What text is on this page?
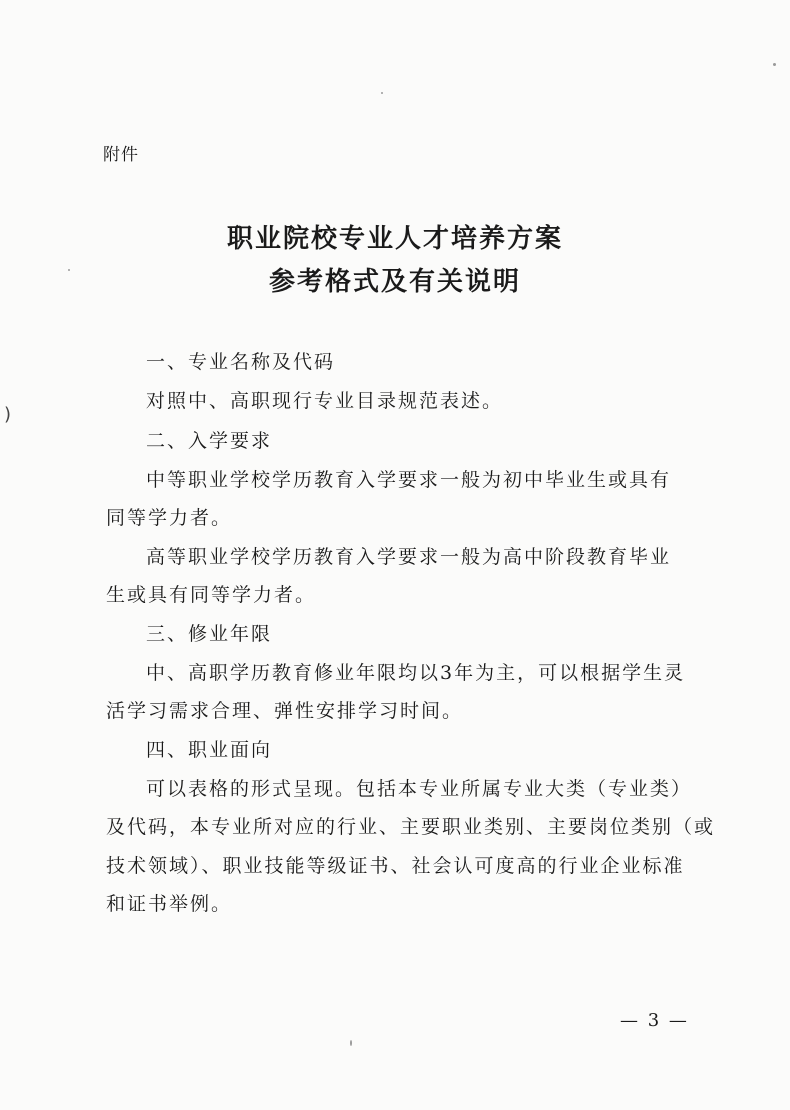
)
附件
职业院校专业人才培养方案
参考格式及有关说明
一、专业名称及代码
对照中、高职现行专业目录规范表述。
二、入学要求
中等职业学校学历教育入学要求一般为初中毕业生或具有
同等学力者。
高等职业学校学历教育入学要求一般为高中阶段教育毕业
生或具有同等学力者。
三、修业年限
中、高职学历教育修业年限均以3年为主，可以根据学生灵
活学习需求合理、弹性安排学习时间。
四、职业面向
可以表格的形式呈现。包括本专业所属专业大类（专业类）
及代码，本专业所对应的行业、主要职业类别、主要岗位类别（或
技术领域）、职业技能等级证书、社会认可度高的行业企业标准
和证书举例。
— 3 —
